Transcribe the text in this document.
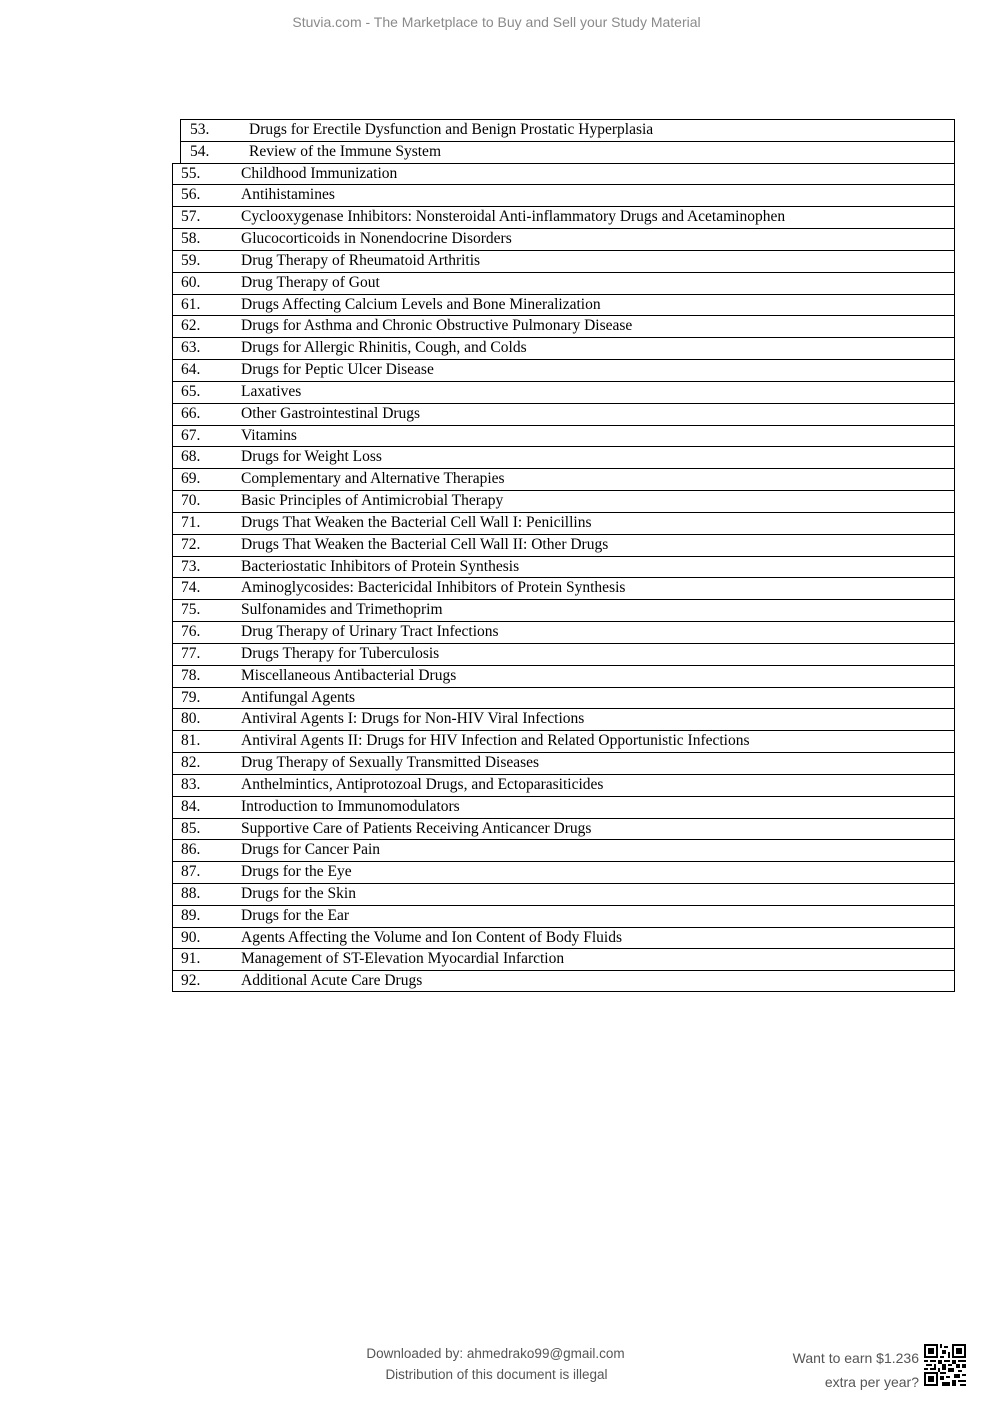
Stuvia.com - The Marketplace to Buy and Sell your Study Material
53.	Drugs for Erectile Dysfunction and Benign Prostatic Hyperplasia
54.	Review of the Immune System
55.	Childhood Immunization
56.	Antihistamines
57.	Cyclooxygenase Inhibitors: Nonsteroidal Anti-inflammatory Drugs and Acetaminophen
58.	Glucocorticoids in Nonendocrine Disorders
59.	Drug Therapy of Rheumatoid Arthritis
60.	Drug Therapy of Gout
61.	Drugs Affecting Calcium Levels and Bone Mineralization
62.	Drugs for Asthma and Chronic Obstructive Pulmonary Disease
63.	Drugs for Allergic Rhinitis, Cough, and Colds
64.	Drugs for Peptic Ulcer Disease
65.	Laxatives
66.	Other Gastrointestinal Drugs
67.	Vitamins
68.	Drugs for Weight Loss
69.	Complementary and Alternative Therapies
70.	Basic Principles of Antimicrobial Therapy
71.	Drugs That Weaken the Bacterial Cell Wall I: Penicillins
72.	Drugs That Weaken the Bacterial Cell Wall II: Other Drugs
73.	Bacteriostatic Inhibitors of Protein Synthesis
74.	Aminoglycosides: Bactericidal Inhibitors of Protein Synthesis
75.	Sulfonamides and Trimethoprim
76.	Drug Therapy of Urinary Tract Infections
77.	Drugs Therapy for Tuberculosis
78.	Miscellaneous Antibacterial Drugs
79.	Antifungal Agents
80.	Antiviral Agents I: Drugs for Non-HIV Viral Infections
81.	Antiviral Agents II: Drugs for HIV Infection and Related Opportunistic Infections
82.	Drug Therapy of Sexually Transmitted Diseases
83.	Anthelmintics, Antiprotozoal Drugs, and Ectoparasiticides
84.	Introduction to Immunomodulators
85.	Supportive Care of Patients Receiving Anticancer Drugs
86.	Drugs for Cancer Pain
87.	Drugs for the Eye
88.	Drugs for the Skin
89.	Drugs for the Ear
90.	Agents Affecting the Volume and Ion Content of Body Fluids
91.	Management of ST-Elevation Myocardial Infarction
92.	Additional Acute Care Drugs
Downloaded by: ahmedrako99@gmail.com
Distribution of this document is illegal
Want to earn $1.236
extra per year?
